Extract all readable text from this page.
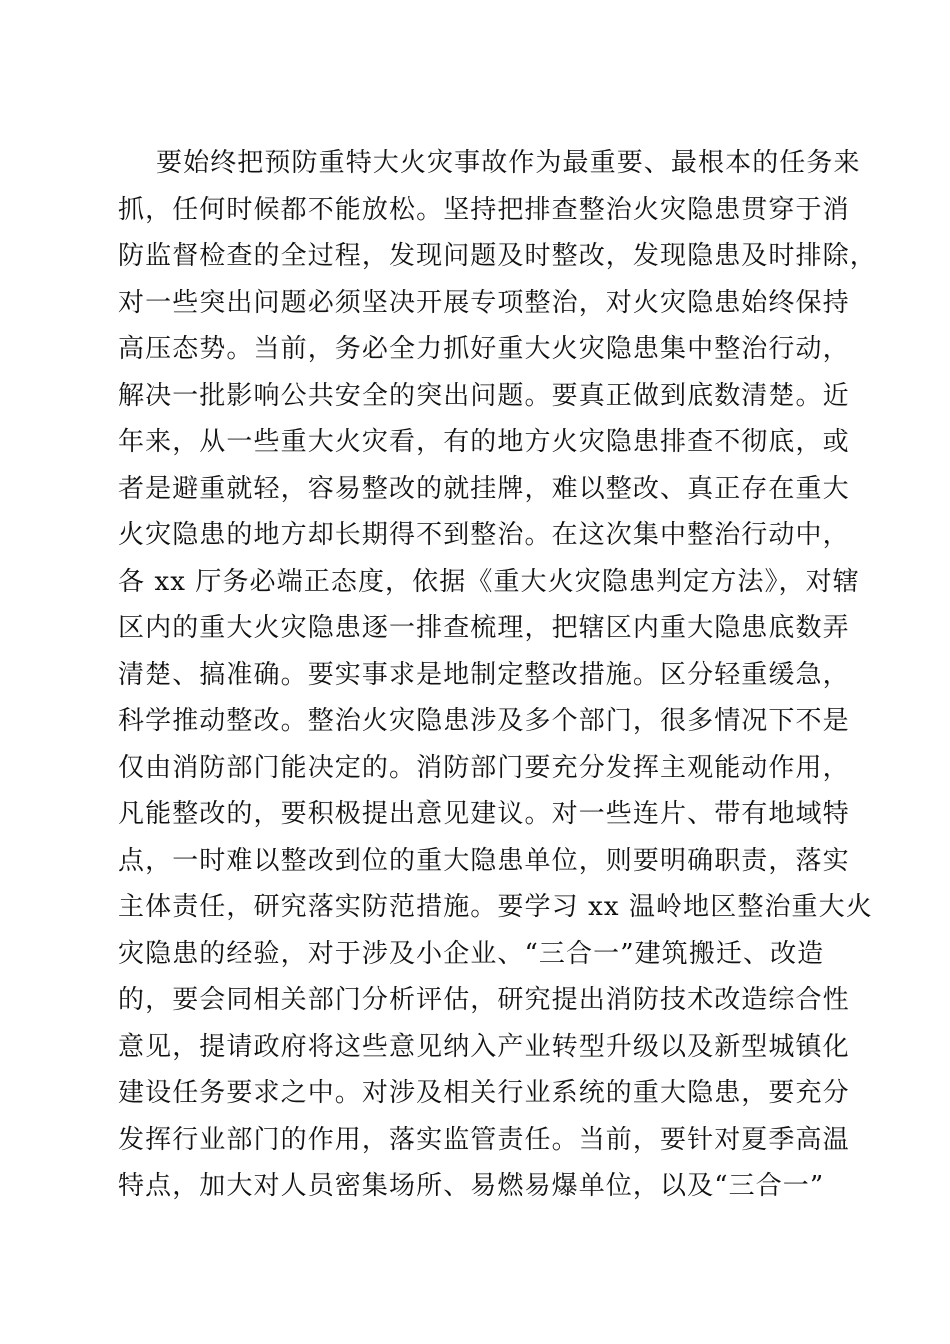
要始终把预防重特大火灾事故作为最重要、最根本的任务来
抓，任何时候都不能放松。坚持把排查整治火灾隐患贯穿于消
防监督检查的全过程，发现问题及时整改，发现隐患及时排除，
对一些突出问题必须坚决开展专项整治，对火灾隐患始终保持
高压态势。当前，务必全力抓好重大火灾隐患集中整治行动，
解决一批影响公共安全的突出问题。要真正做到底数清楚。近
年来，从一些重大火灾看，有的地方火灾隐患排查不彻底，或
者是避重就轻，容易整改的就挂牌，难以整改、真正存在重大
火灾隐患的地方却长期得不到整治。在这次集中整治行动中，
各 xx 厅务必端正态度，依据《重大火灾隐患判定方法》，对辖
区内的重大火灾隐患逐一排查梳理，把辖区内重大隐患底数弄
清楚、搞准确。要实事求是地制定整改措施。区分轻重缓急，
科学推动整改。整治火灾隐患涉及多个部门，很多情况下不是
仅由消防部门能决定的。消防部门要充分发挥主观能动作用，
凡能整改的，要积极提出意见建议。对一些连片、带有地域特
点，一时难以整改到位的重大隐患单位，则要明确职责，落实
主体责任，研究落实防范措施。要学习 xx 温岭地区整治重大火
灾隐患的经验，对于涉及小企业、“三合一”建筑搬迁、改造
的，要会同相关部门分析评估，研究提出消防技术改造综合性
意见，提请政府将这些意见纳入产业转型升级以及新型城镇化
建设任务要求之中。对涉及相关行业系统的重大隐患，要充分
发挥行业部门的作用，落实监管责任。当前，要针对夏季高温
特点，加大对人员密集场所、易燃易爆单位，以及“三合一”
